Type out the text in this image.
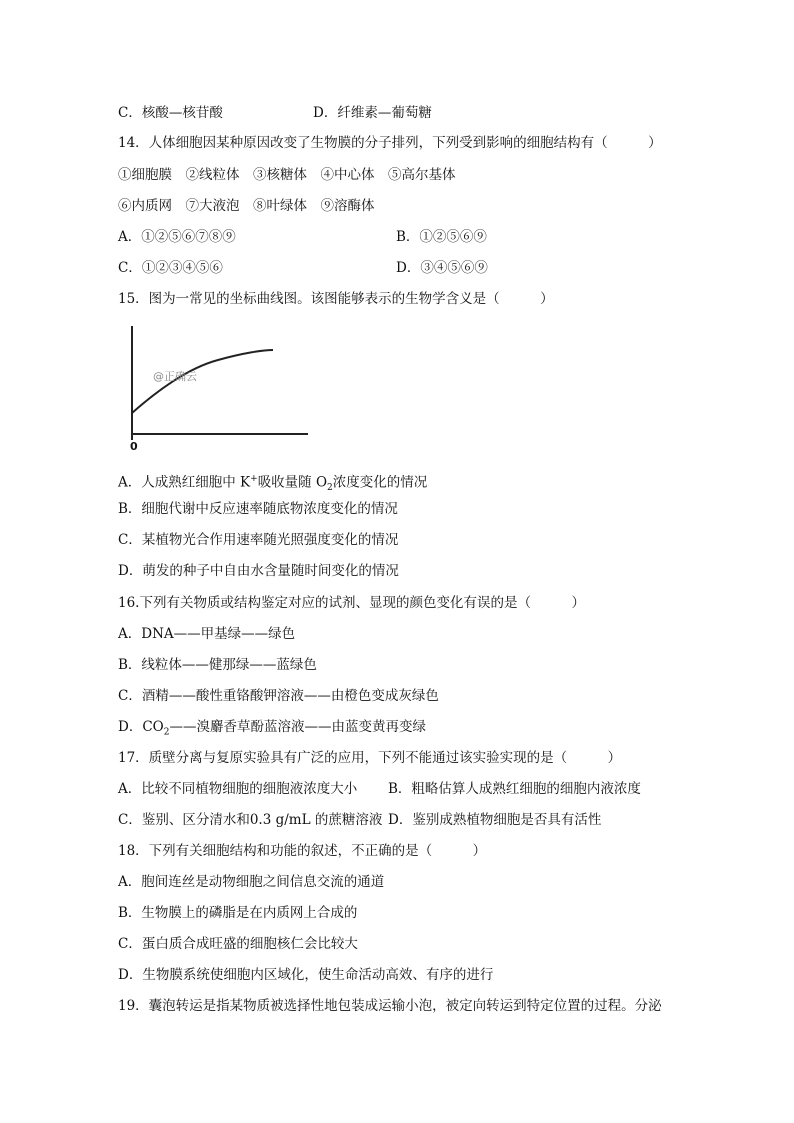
C．核酸—核苷酸	D．纤维素—葡萄糖
14．人体细胞因某种原因改变了生物膜的分子排列，下列受到影响的细胞结构有（　　　）
①细胞膜　②线粒体　③核糖体　④中心体　⑤高尔基体
⑥内质网　⑦大液泡　⑧叶绿体　⑨溶酶体
A．①②⑤⑥⑦⑧⑨	B．①②⑤⑥⑨
C．①②③④⑤⑥	D．③④⑤⑥⑨
15．图为一常见的坐标曲线图。该图能够表示的生物学含义是（　　　）
@正确云
0
A．人成熟红细胞中 K+吸收量随 $O_2$浓度变化的情况
B．细胞代谢中反应速率随底物浓度变化的情况
C．某植物光合作用速率随光照强度变化的情况
D．萌发的种子中自由水含量随时间变化的情况
16.下列有关物质或结构鉴定对应的试剂、显现的颜色变化有误的是（　　　）
A．DNA——甲基绿——绿色
B．线粒体——健那绿——蓝绿色
C．酒精——酸性重铬酸钾溶液——由橙色变成灰绿色
D．$CO_2——$溴麝香草酚蓝溶液——由蓝变黄再变绿
17．质壁分离与复原实验具有广泛的应用，下列不能通过该实验实现的是（　　　）
A．比较不同植物细胞的细胞液浓度大小 B．粗略估算人成熟红细胞的细胞内液浓度
C．鉴别、区分清水和0.3 g/mL 的蔗糖溶液 D．鉴别成熟植物细胞是否具有活性
18．下列有关细胞结构和功能的叙述，不正确的是（　　　）
A．胞间连丝是动物细胞之间信息交流的通道
B．生物膜上的磷脂是在内质网上合成的
C．蛋白质合成旺盛的细胞核仁会比较大
D．生物膜系统使细胞内区域化，使生命活动高效、有序的进行
19．囊泡转运是指某物质被选择性地包装成运输小泡，被定向转运到特定位置的过程。分泌
